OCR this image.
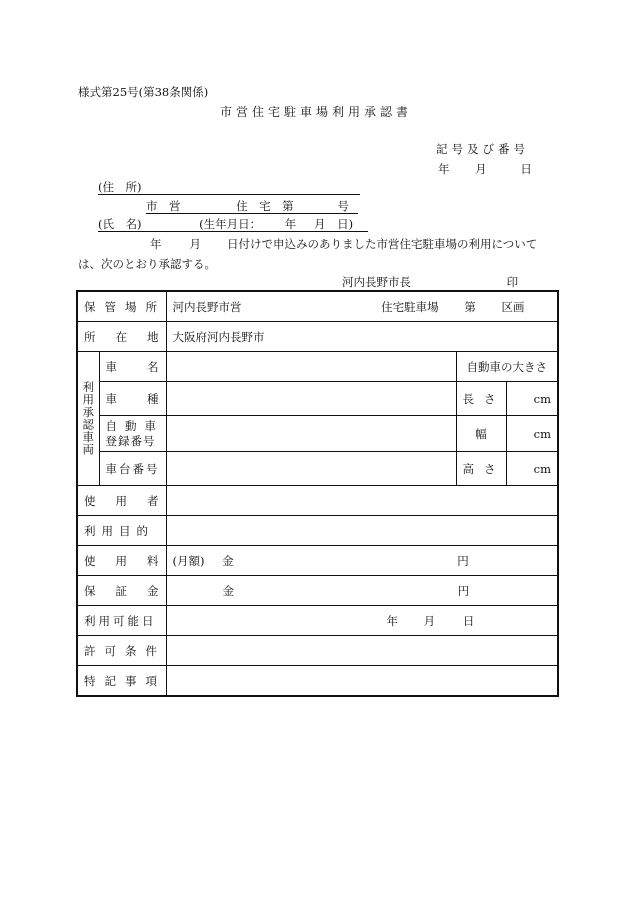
様式第25号(第38条関係)
市営住宅駐車場利用承認書
記号及び番号
年 月	日
(住　所)
市　営	住　宅　第	号
(氏　名)	(生年月日： 年 月 日)
年 月 日付けで申込みのありました市営住宅駐車場の利用については、次のとおり承認する。
河内長野市長	印
保管場所		河内長野市営 住宅駐車場 第 区画		
所在地		大阪府河内長野市		
利用承認車両	車名		自動車の大きさ	
	車種		長さ	cm

	自動車
登録番号		幅	cm
	車台番号		高さ	cm
使用者				
利用目的				
使用料		(月額) 金 円		
保証金		金 円		
利用可能日		年 月 日		
許可条件				
特記事項				
